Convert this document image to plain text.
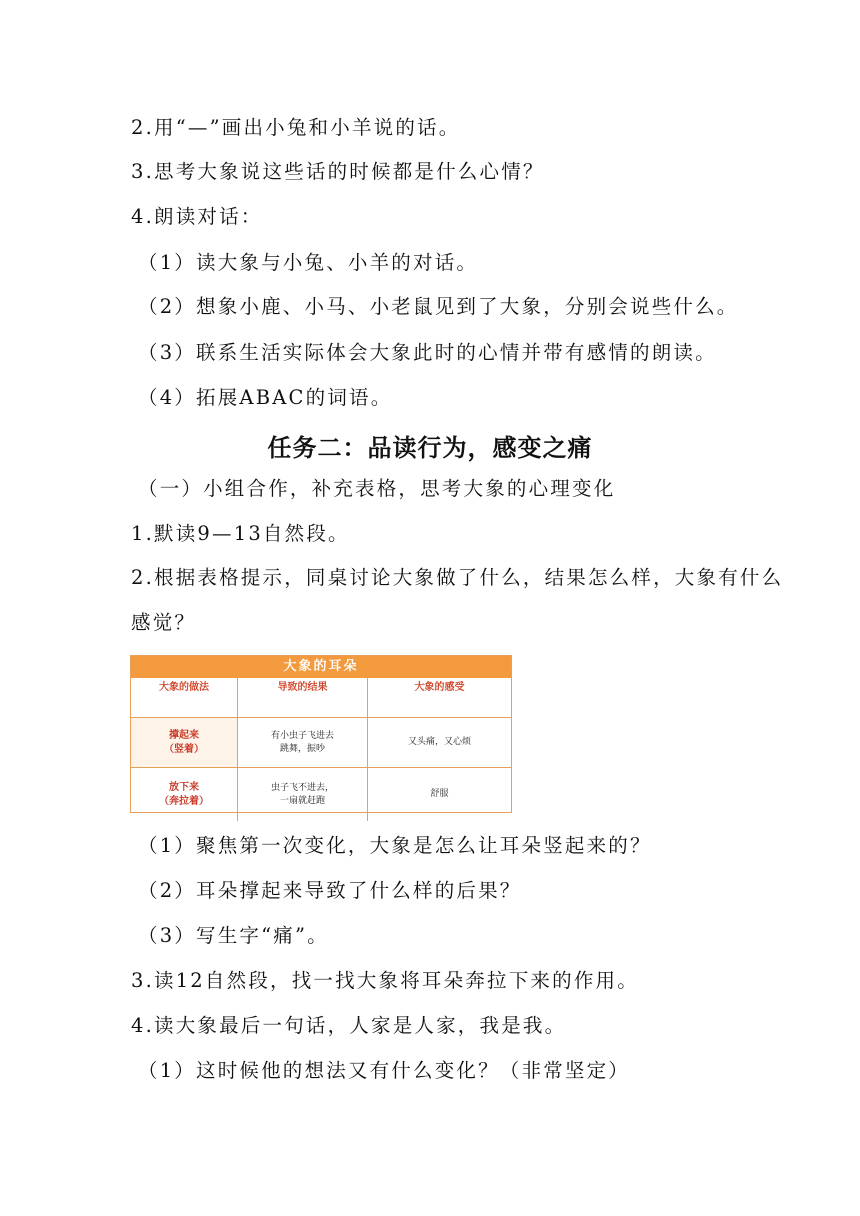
2.用“—”画出小兔和小羊说的话。
3.思考大象说这些话的时候都是什么心情？
4.朗读对话：
（1）读大象与小兔、小羊的对话。
（2）想象小鹿、小马、小老鼠见到了大象，分别会说些什么。
（3）联系生活实际体会大象此时的心情并带有感情的朗读。
（4）拓展ABAC的词语。
任务二：品读行为，感变之痛
（一）小组合作，补充表格，思考大象的心理变化
1.默读9—13自然段。
2.根据表格提示，同桌讨论大象做了什么，结果怎么样，大象有什么
感觉？
大象的耳朵
大象的做法	导致的结果	大象的感受
撑起来
（竖着）
有小虫子飞进去
跳舞，振吵
又头痛，又心烦
放下来
（奔拉着）
虫子飞不进去，
一扇就赶跑
舒服
（1）聚焦第一次变化，大象是怎么让耳朵竖起来的？
（2）耳朵撑起来导致了什么样的后果？
（3）写生字“痛”。
3.读12自然段，找一找大象将耳朵奔拉下来的作用。
4.读大象最后一句话，人家是人家，我是我。
（1）这时候他的想法又有什么变化？（非常坚定）
